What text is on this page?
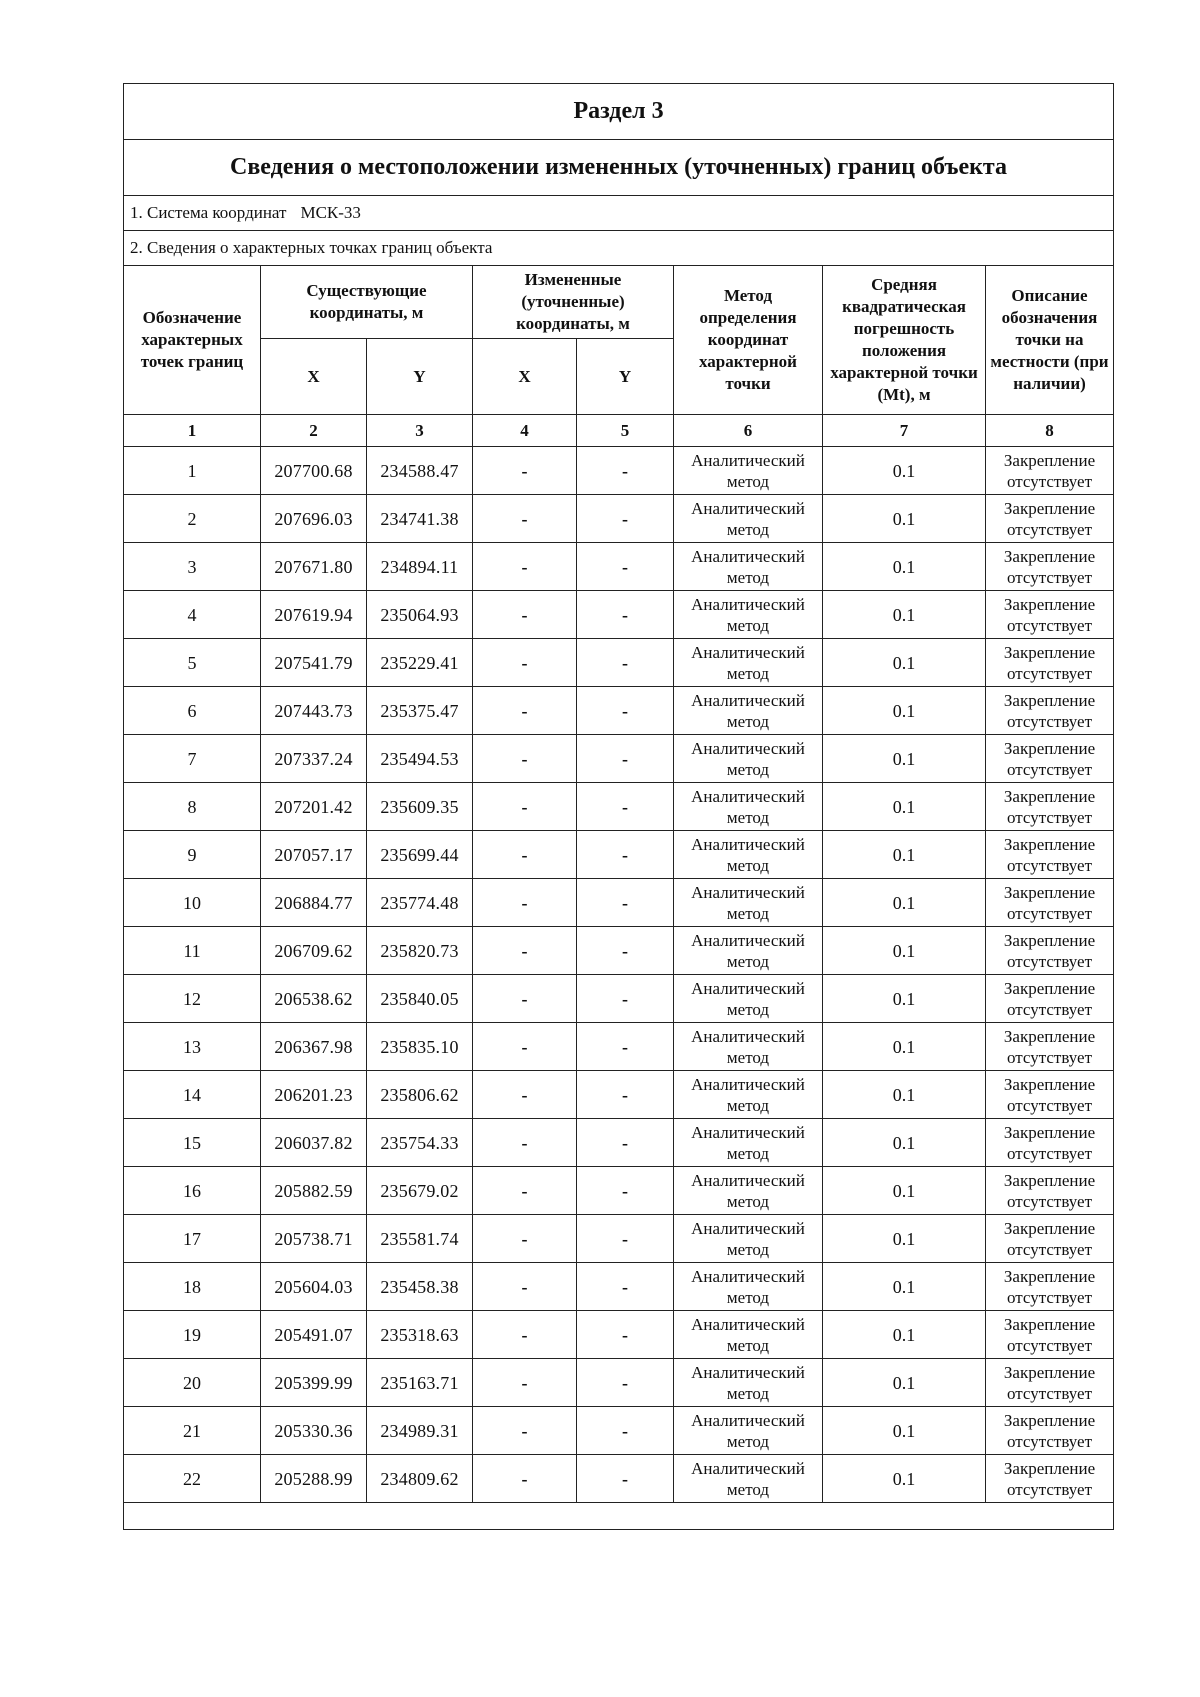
Раздел 3							
Сведения о местоположении измененных (уточненных) границ объекта							
1. Система координат МСК-33							
2. Сведения о характерных точках границ объекта							
Обозначение характерных точек границ	Существующие координаты, м		Измененные (уточненные) координаты, м		Метод определения координат характерной точки	Средняя квадратическая погрешность положения характерной точки (Mt), м	Описание обозначения точки на местности (при наличии)
	X	Y	X	Y			
1	2	3	4	5	6	7	8
1	207700.68	234588.47	-	-	Аналитический метод	0.1	Закрепление отсутствует
2	207696.03	234741.38	-	-	Аналитический метод	0.1	Закрепление отсутствует
3	207671.80	234894.11	-	-	Аналитический метод	0.1	Закрепление отсутствует
4	207619.94	235064.93	-	-	Аналитический метод	0.1	Закрепление отсутствует
5	207541.79	235229.41	-	-	Аналитический метод	0.1	Закрепление отсутствует
6	207443.73	235375.47	-	-	Аналитический метод	0.1	Закрепление отсутствует
7	207337.24	235494.53	-	-	Аналитический метод	0.1	Закрепление отсутствует
8	207201.42	235609.35	-	-	Аналитический метод	0.1	Закрепление отсутствует
9	207057.17	235699.44	-	-	Аналитический метод	0.1	Закрепление отсутствует
10	206884.77	235774.48	-	-	Аналитический метод	0.1	Закрепление отсутствует
11	206709.62	235820.73	-	-	Аналитический метод	0.1	Закрепление отсутствует
12	206538.62	235840.05	-	-	Аналитический метод	0.1	Закрепление отсутствует
13	206367.98	235835.10	-	-	Аналитический метод	0.1	Закрепление отсутствует
14	206201.23	235806.62	-	-	Аналитический метод	0.1	Закрепление отсутствует
15	206037.82	235754.33	-	-	Аналитический метод	0.1	Закрепление отсутствует
16	205882.59	235679.02	-	-	Аналитический метод	0.1	Закрепление отсутствует
17	205738.71	235581.74	-	-	Аналитический метод	0.1	Закрепление отсутствует
18	205604.03	235458.38	-	-	Аналитический метод	0.1	Закрепление отсутствует
19	205491.07	235318.63	-	-	Аналитический метод	0.1	Закрепление отсутствует
20	205399.99	235163.71	-	-	Аналитический метод	0.1	Закрепление отсутствует
21	205330.36	234989.31	-	-	Аналитический метод	0.1	Закрепление отсутствует
22	205288.99	234809.62	-	-	Аналитический метод	0.1	Закрепление отсутствует
